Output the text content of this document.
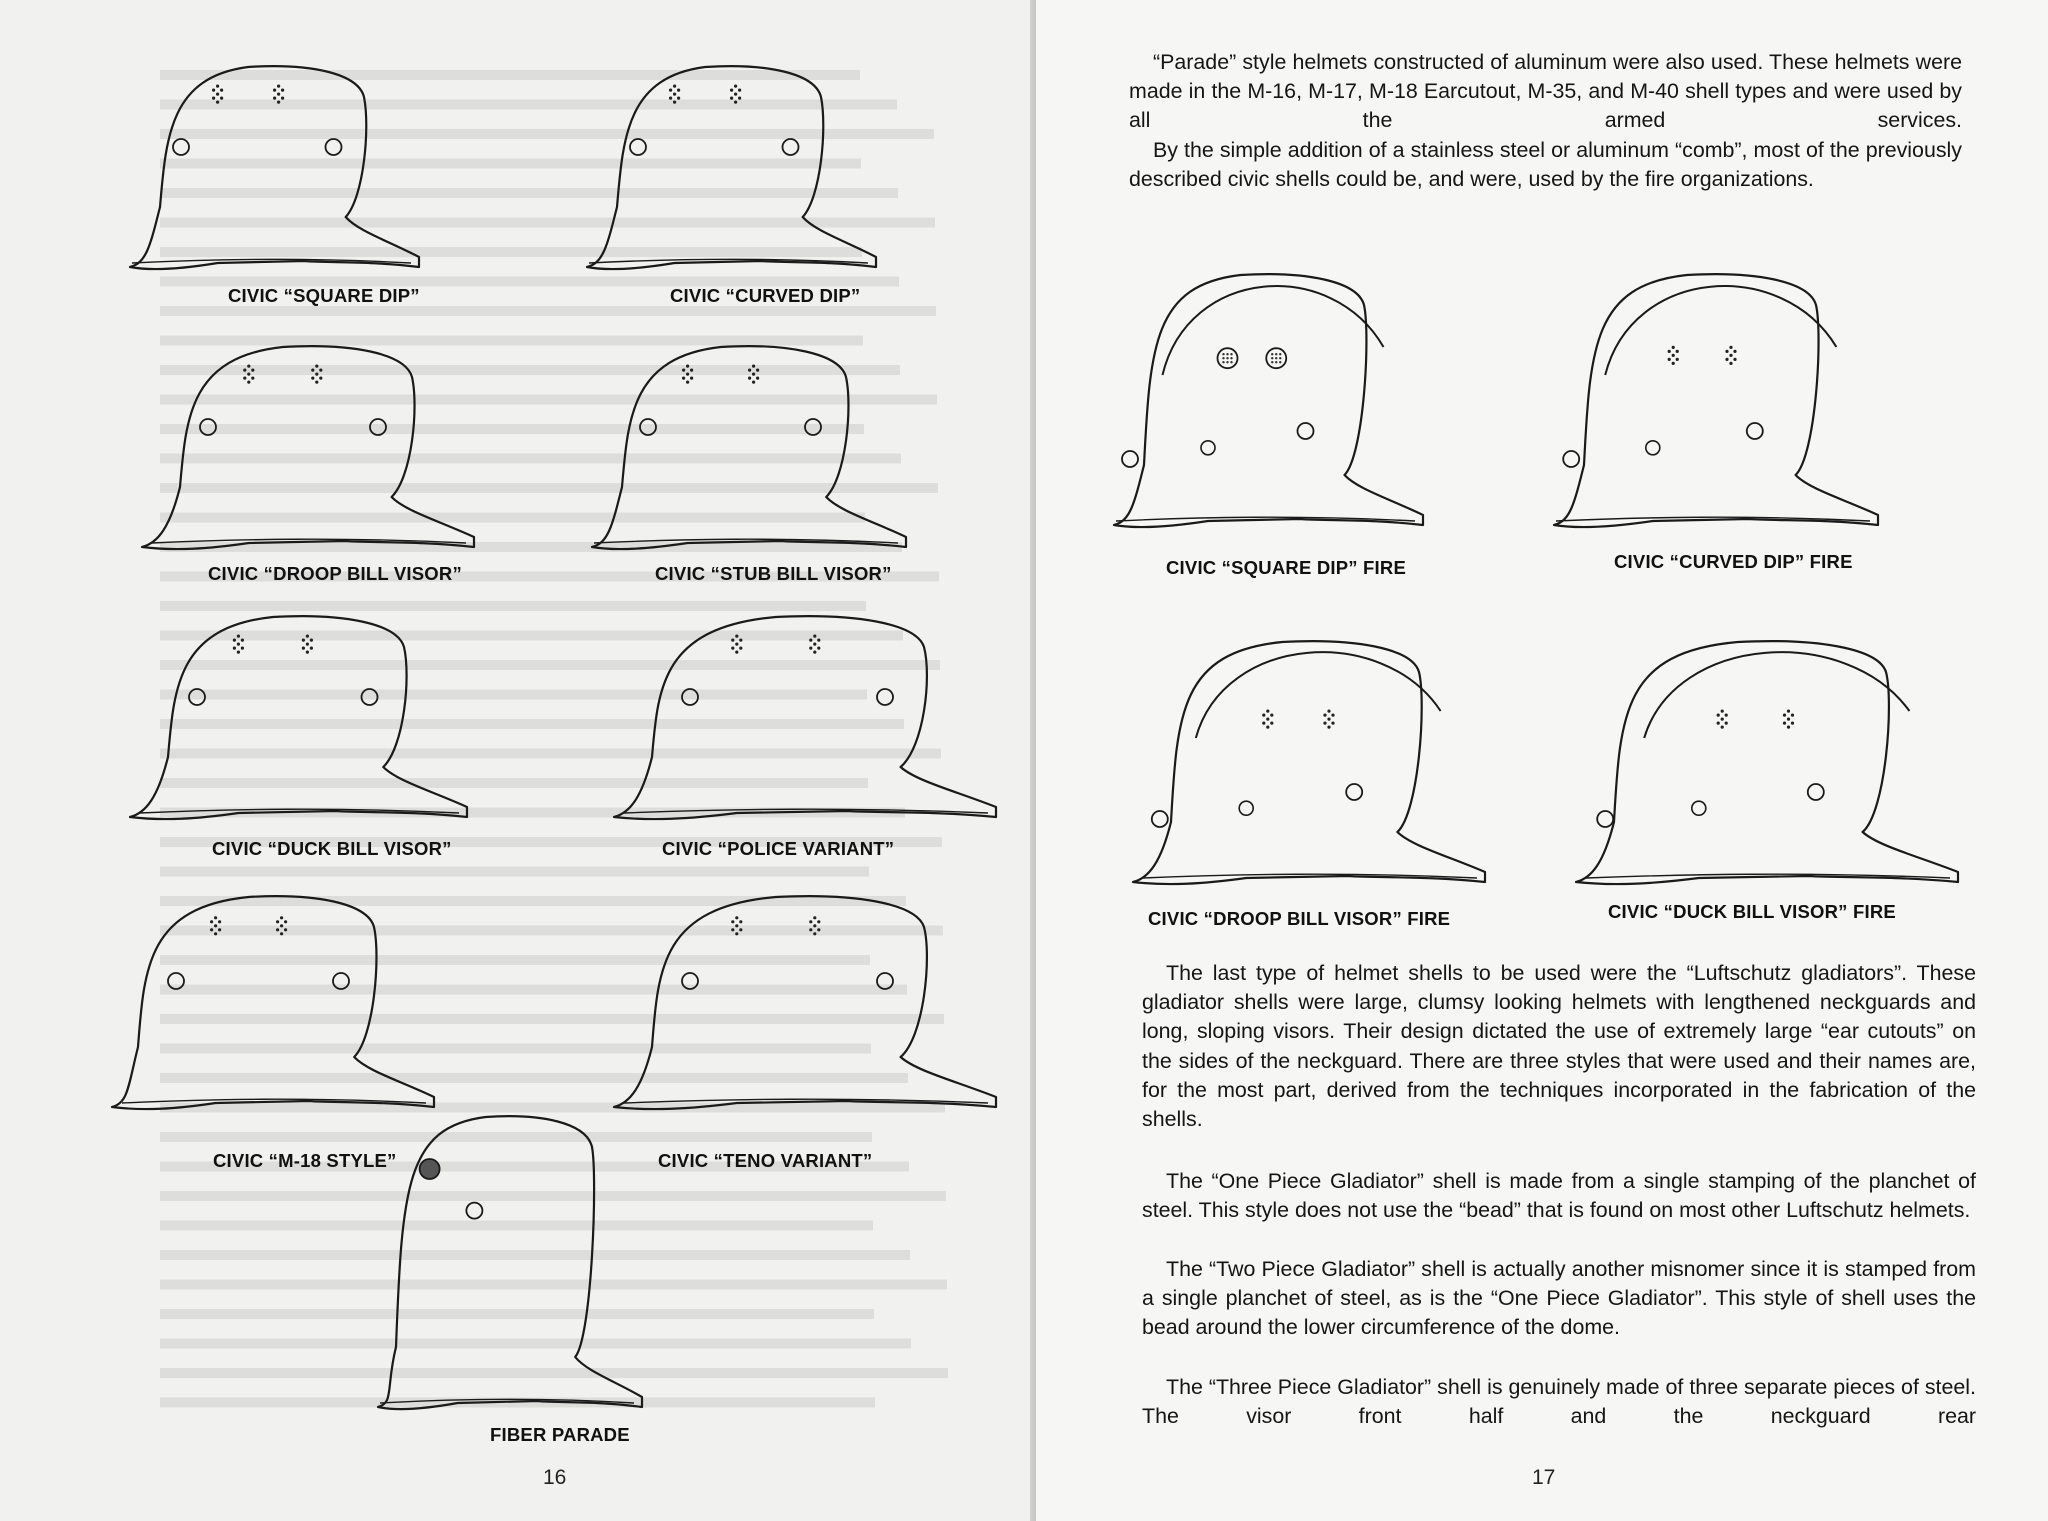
CIVIC “SQUARE DIP”	CIVIC “CURVED DIP”
CIVIC “DROOP BILL VISOR”	CIVIC “STUB BILL VISOR”
CIVIC “DUCK BILL VISOR”	CIVIC “POLICE VARIANT”
CIVIC “M-18 STYLE”	CIVIC “TENO VARIANT”
FIBER PARADE
16

“Parade” style helmets constructed of aluminum were also used. These helmets were made in the M-16, M-17, M-18 Earcutout, M-35, and M-40 shell types and were used by all the armed services.

By the simple addition of a stainless steel or aluminum “comb”, most of the previously described civic shells could be, and were, used by the fire organizations.

CIVIC “SQUARE DIP” FIRE	CIVIC “CURVED DIP” FIRE
CIVIC “DROOP BILL VISOR” FIRE	CIVIC “DUCK BILL VISOR” FIRE

The last type of helmet shells to be used were the “Luftschutz gladiators”. These gladiator shells were large, clumsy looking helmets with lengthened neckguards and long, sloping visors. Their design dictated the use of extremely large “ear cutouts” on the sides of the neckguard. There are three styles that were used and their names are, for the most part, derived from the techniques incorporated in the fabrication of the shells.

The “One Piece Gladiator” shell is made from a single stamping of the planchet of steel. This style does not use the “bead” that is found on most other Luftschutz helmets.

The “Two Piece Gladiator” shell is actually another misnomer since it is stamped from a single planchet of steel, as is the “One Piece Gladiator”. This style of shell uses the bead around the lower circumference of the dome.

The “Three Piece Gladiator” shell is genuinely made of three separate pieces of steel. The visor front half and the neckguard rear

17
